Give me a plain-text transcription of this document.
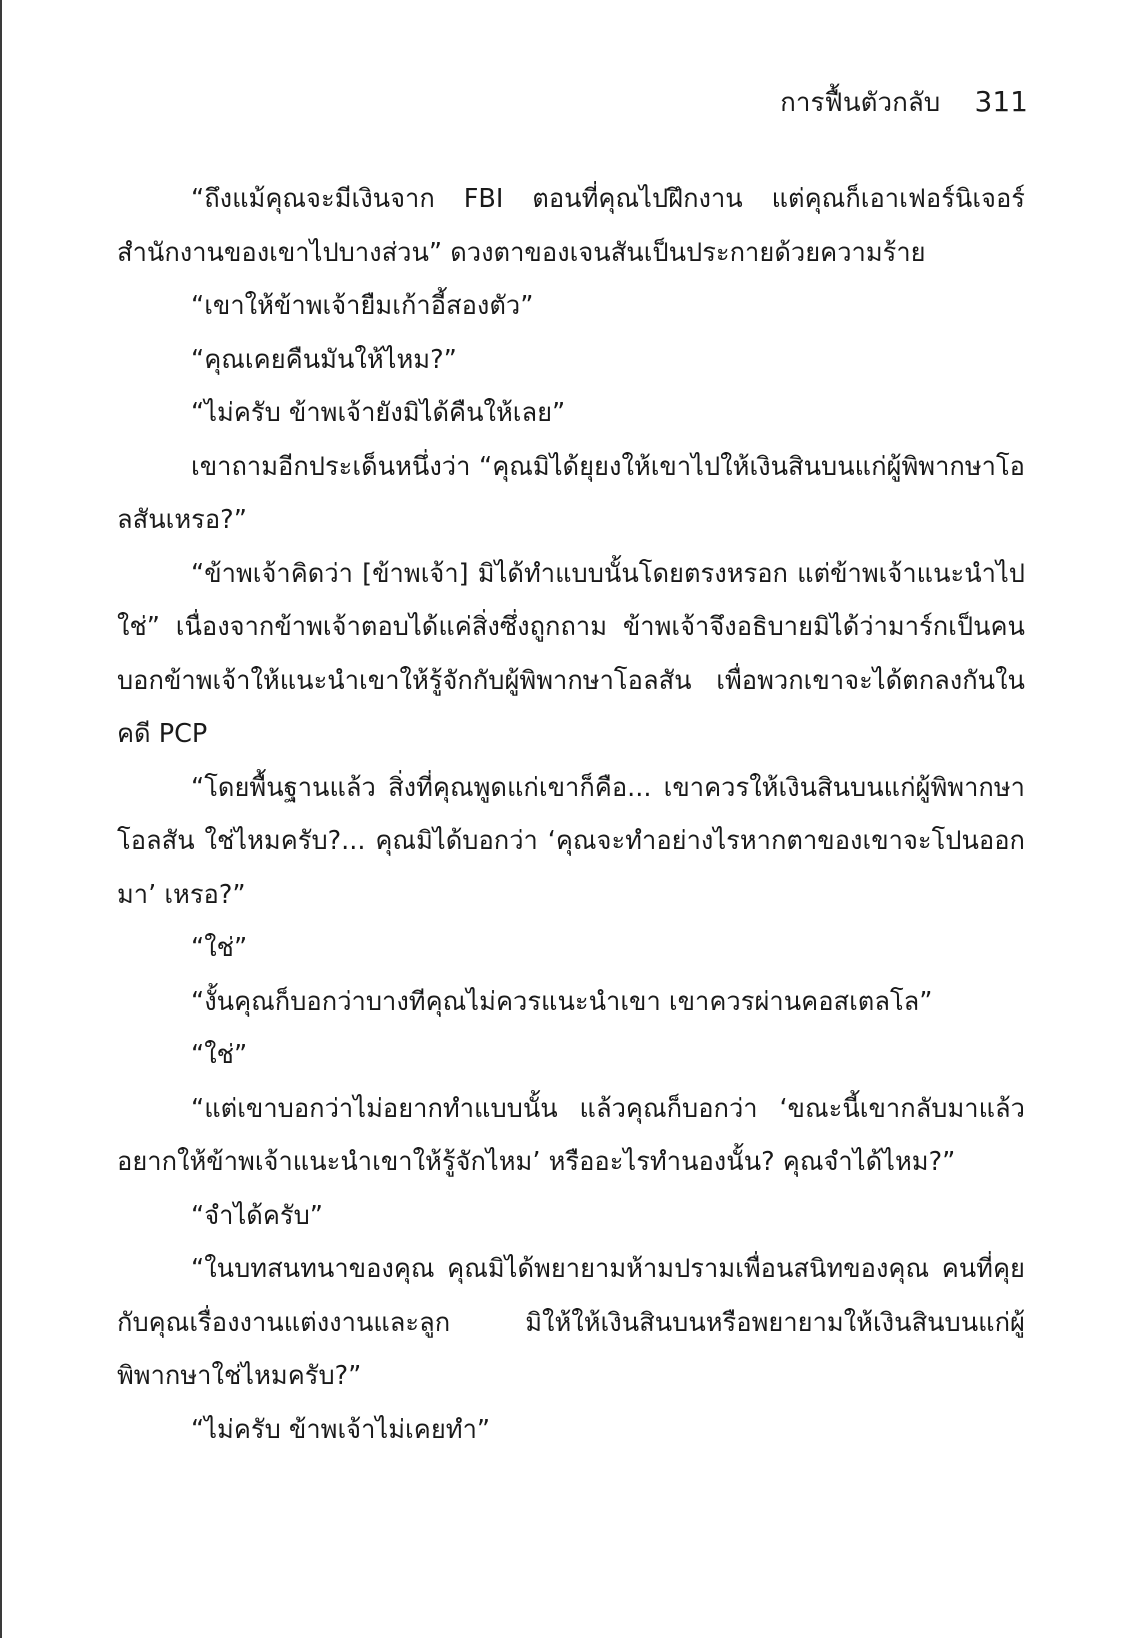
การฟื้นตัวกลับ 311

“ถึงแม้คุณจะมีเงินจาก FBI ตอนที่คุณไปฝึกงาน แต่คุณก็เอาเฟอร์นิเจอร์สำนักงานของเขาไปบางส่วน” ดวงตาของเจนสันเป็นประกายด้วยความร้าย

“เขาให้ข้าพเจ้ายืมเก้าอี้สองตัว”

“คุณเคยคืนมันให้ไหม?”

“ไม่ครับ ข้าพเจ้ายังมิได้คืนให้เลย”

เขาถามอีกประเด็นหนึ่งว่า “คุณมิได้ยุยงให้เขาไปให้เงินสินบนแก่ผู้พิพากษาโอลสันเหรอ?”

“ข้าพเจ้าคิดว่า [ข้าพเจ้า] มิได้ทำแบบนั้นโดยตรงหรอก แต่ข้าพเจ้าแนะนำไปใช่” เนื่องจากข้าพเจ้าตอบได้แค่สิ่งซึ่งถูกถาม ข้าพเจ้าจึงอธิบายมิได้ว่ามาร์กเป็นคนบอกข้าพเจ้าให้แนะนำเขาให้รู้จักกับผู้พิพากษาโอลสัน เพื่อพวกเขาจะได้ตกลงกันในคดี PCP

“โดยพื้นฐานแล้ว สิ่งที่คุณพูดแก่เขาก็คือ... เขาควรให้เงินสินบนแก่ผู้พิพากษาโอลสัน ใช่ไหมครับ?... คุณมิได้บอกว่า ‘คุณจะทำอย่างไรหากตาของเขาจะโปนออกมา’ เหรอ?”

“ใช่”

“งั้นคุณก็บอกว่าบางทีคุณไม่ควรแนะนำเขา เขาควรผ่านคอสเตลโล”

“ใช่”

“แต่เขาบอกว่าไม่อยากทำแบบนั้น แล้วคุณก็บอกว่า ‘ขณะนี้เขากลับมาแล้วอยากให้ข้าพเจ้าแนะนำเขาให้รู้จักไหม’ หรืออะไรทำนองนั้น? คุณจำได้ไหม?”

“จำได้ครับ”

“ในบทสนทนาของคุณ คุณมิได้พยายามห้ามปรามเพื่อนสนิทของคุณ คนที่คุยกับคุณเรื่องงานแต่งงานและลูก มิให้ให้เงินสินบนหรือพยายามให้เงินสินบนแก่ผู้พิพากษาใช่ไหมครับ?”

“ไม่ครับ ข้าพเจ้าไม่เคยทำ”
